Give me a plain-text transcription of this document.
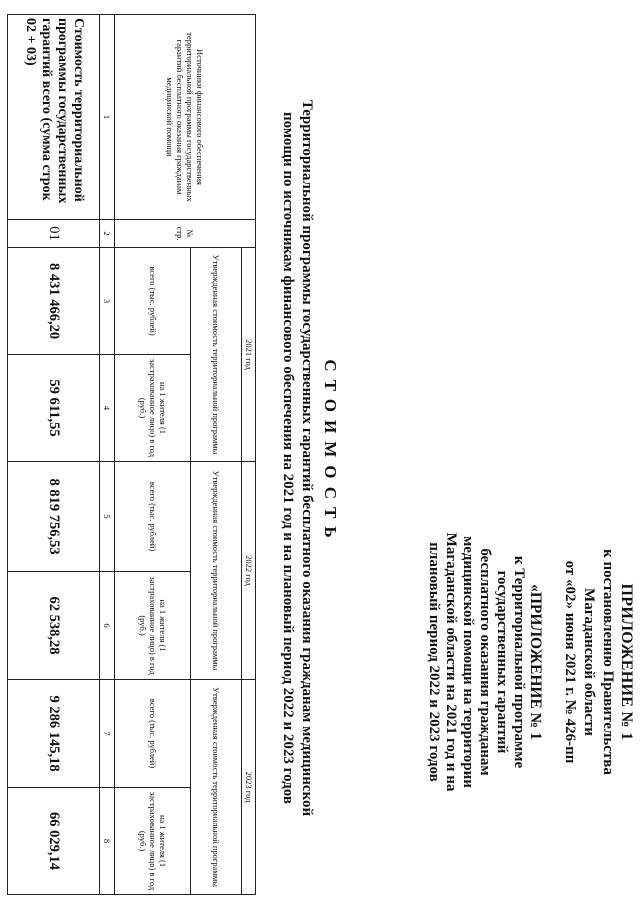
ПРИЛОЖЕНИЕ № 1
к постановлению Правительства
Магаданской области
от «02» июня 2021 г. № 426-пп
«ПРИЛОЖЕНИЕ № 1
к Территориальной программе
государственных гарантий
бесплатного оказания гражданам
медицинской помощи на территории
Магаданской области на 2021 год и на
плановый период 2022 и 2023 годов
СТОИМОСТЬ
Территориальной программы государственных гарантий бесплатного оказания гражданам медицинской
помощи по источникам финансового обеспечения на 2021 год и на плановый период 2022 и 2023 годов
Источники финансового обеспечения территориальной программы государственных гарантий бесплатного оказания гражданам медицинской помощи	№ стр.	2021 год		2022 год		2023 год	
		Утвержденная стоимость территориальной программы		Утвержденная стоимость территориальной программы		Утвержденная стоимость территориальной программы	
		всего (тыс. рублей)	на 1 жителя (1 застрахованное лицо) в год (руб.)	всего (тыс. рублей)	на 1 жителя (1 застрахованное лицо) в год (руб.)	всего (тыс. рублей)	на 1 жителя (1 застрахованное лицо) в год (руб.)
1	2	3	4	5	6	7	8
Стоимость территориальной программы государственных гарантий всего (сумма строк 02 + 03)	01	8 431 466,20	59 611,55	8 819 756,53	62 538,28	9 286 145,18	66 029,14
